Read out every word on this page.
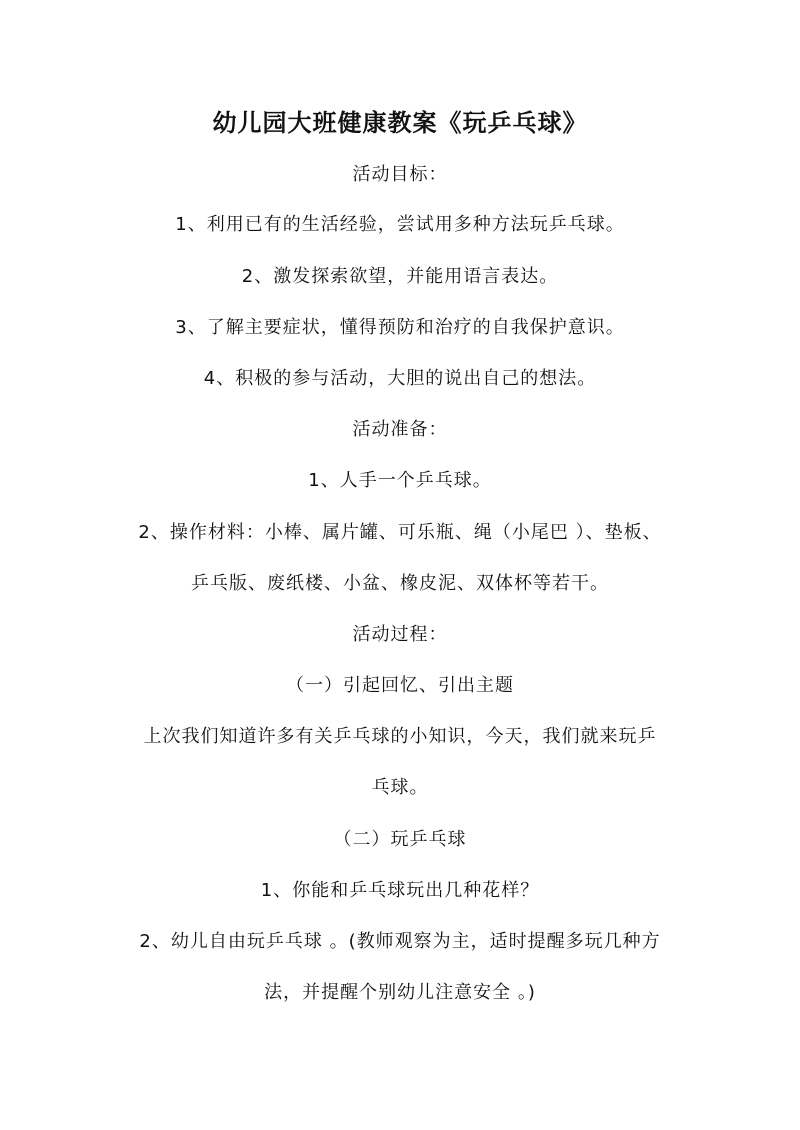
幼儿园大班健康教案《玩乒乓球》
活动目标：
1、利用已有的生活经验，尝试用多种方法玩乒乓球。
2、激发探索欲望，并能用语言表达。
3、了解主要症状，懂得预防和治疗的自我保护意识。
4、积极的参与活动，大胆的说出自己的想法。
活动准备：
1、人手一个乒乓球。
2、操作材料：小棒、属片罐、可乐瓶、绳（小尾巴 ）、垫板、
乒乓版、废纸楼、小盆、橡皮泥、双体杯等若干。
活动过程：
（一）引起回忆、引出主题
上次我们知道许多有关乒乓球的小知识，今天，我们就来玩乒
乓球。
（二）玩乒乓球
1、你能和乒乓球玩出几种花样？
2、幼儿自由玩乒乓球 。(教师观察为主，适时提醒多玩几种方
法，并提醒个别幼儿注意安全 。)
